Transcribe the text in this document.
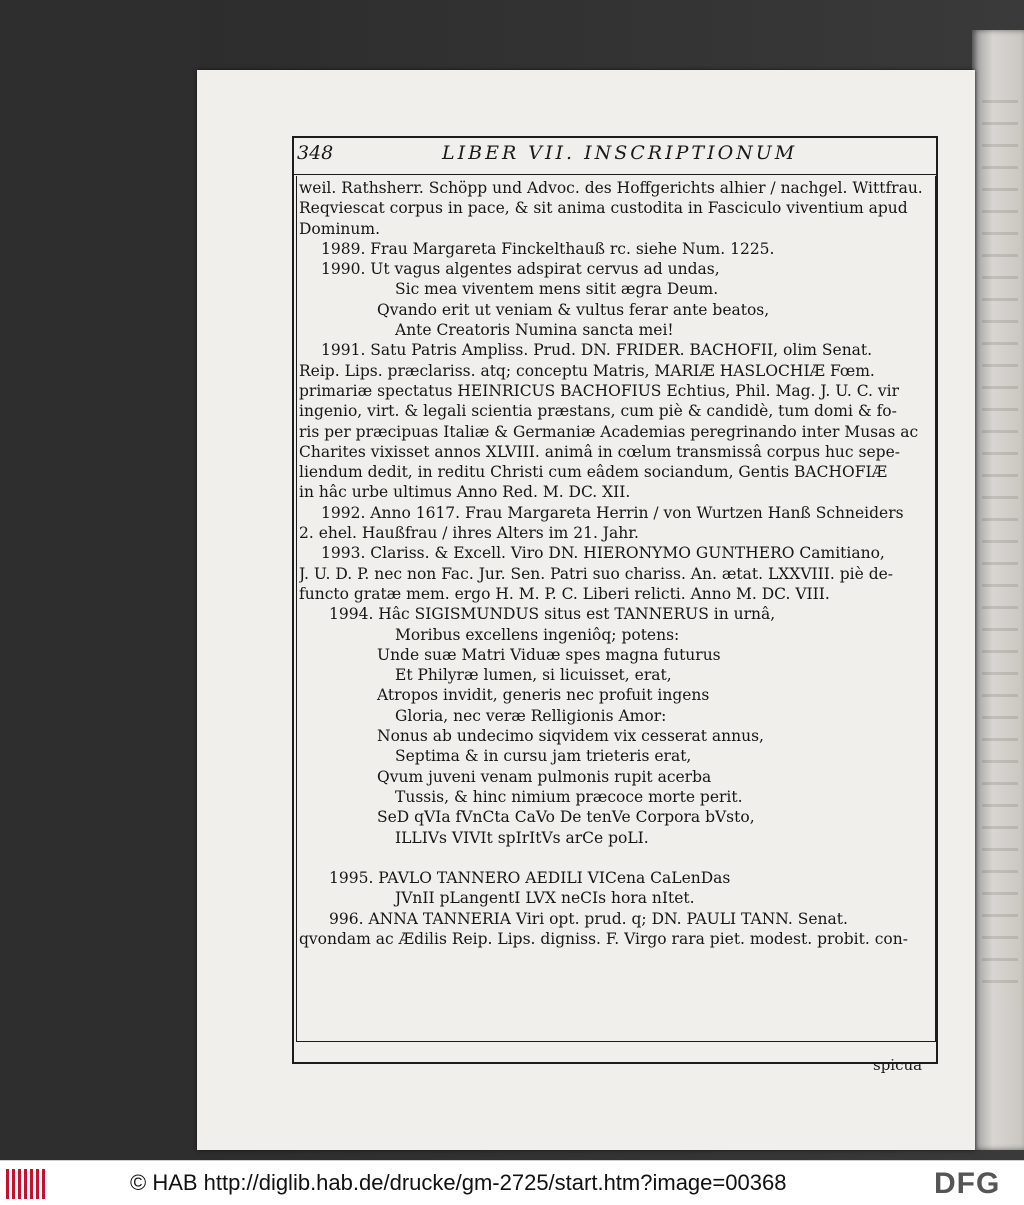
348	LIBER VII. INSCRIPTIONUM
weil. Rathsherr. Schöpp und Advoc. des Hoffgerichts alhier / nachgel. Wittfrau.
Reqviescat corpus in pace, & sit anima custodita in Fasciculo viventium apud
Dominum.
1989. Frau Margareta Finckelthauß rc. siehe Num. 1225.
1990. Ut vagus algentes adspirat cervus ad undas,
Sic mea viventem mens sitit ægra Deum.
Qvando erit ut veniam & vultus ferar ante beatos,
Ante Creatoris Numina sancta mei!
1991. Satu Patris Ampliss. Prud. DN. FRIDER. BACHOFII, olim Senat.
Reip. Lips. præclariss. atq; conceptu Matris, MARIÆ HASLOCHIÆ Fœm.
primariæ spectatus HEINRICUS BACHOFIUS Echtius, Phil. Mag. J. U. C. vir
ingenio, virt. & legali scientia præstans, cum piè & candidè, tum domi & fo-
ris per præcipuas Italiæ & Germaniæ Academias peregrinando inter Musas ac
Charites vixisset annos XLVIII. animâ in cœlum transmissâ corpus huc sepe-
liendum dedit, in reditu Christi cum eâdem sociandum, Gentis BACHOFIÆ
in hâc urbe ultimus Anno Red. M. DC. XII.
1992. Anno 1617. Frau Margareta Herrin / von Wurtzen Hanß Schneiders
2. ehel. Haußfrau / ihres Alters im 21. Jahr.
1993. Clariss. & Excell. Viro DN. HIERONYMO GUNTHERO Camitiano,
J. U. D. P. nec non Fac. Jur. Sen. Patri suo chariss. An. ætat. LXXVIII. piè de-
functo gratæ mem. ergo H. M. P. C. Liberi relicti. Anno M. DC. VIII.
1994. Hâc SIGISMUNDUS situs est TANNERUS in urnâ,
Moribus excellens ingeniôq; potens:
Unde suæ Matri Viduæ spes magna futurus
Et Philyræ lumen, si licuisset, erat,
Atropos invidit, generis nec profuit ingens
Gloria, nec veræ Relligionis Amor:
Nonus ab undecimo siqvidem vix cesserat annus,
Septima & in cursu jam trieteris erat,
Qvum juveni venam pulmonis rupit acerba
Tussis, & hinc nimium præcoce morte perit.
SeD qVIa fVnCta CaVo De tenVe Corpora bVsto,
ILLIVs VIVIt spIrItVs arCe poLI.
1995. PAVLO TANNERO AEDILI VICena CaLenDas
JVnII pLangentI LVX neCIs hora nItet.
996. ANNA TANNERIA Viri opt. prud. q; DN. PAULI TANN. Senat.
qvondam ac Ædilis Reip. Lips. digniss. F. Virgo rara piet. modest. probit. con-
spicua
© HAB http://diglib.hab.de/drucke/gm-2725/start.htm?image=00368	DFG
